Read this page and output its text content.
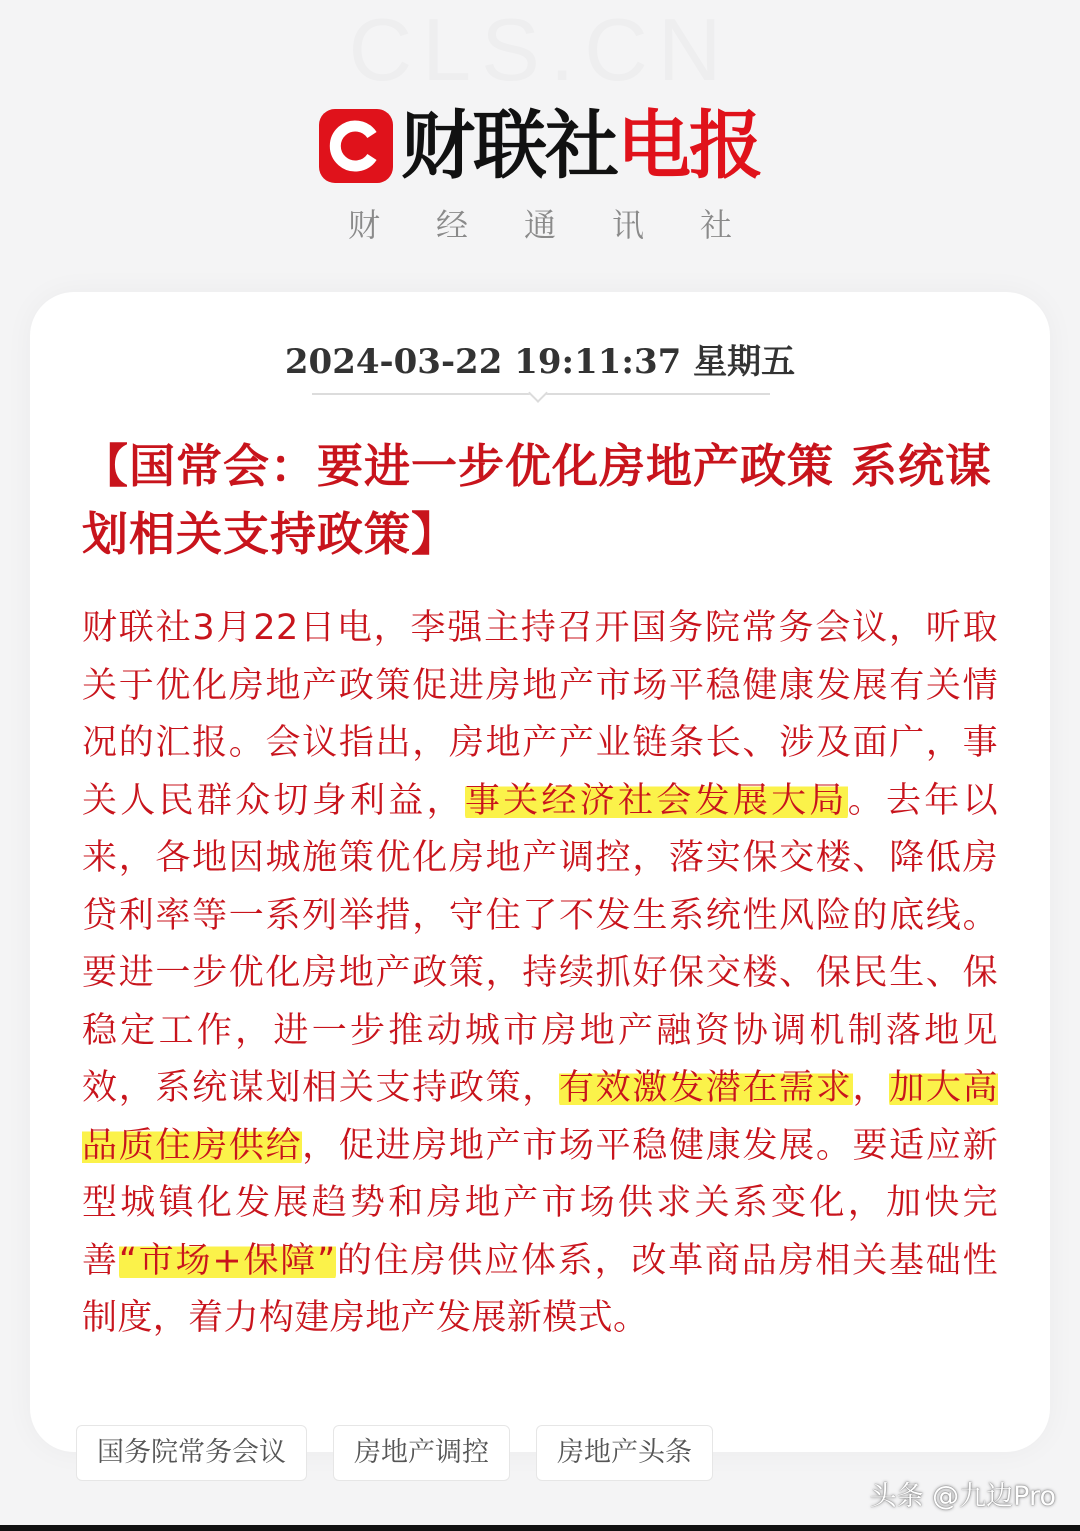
CLS.CN
财联社电报
财经通讯社
2024-03-22 19:11:37 星期五
【国常会：要进一步优化房地产政策 系统谋划相关支持政策】
财联社3月22日电，李强主持召开国务院常务会议，听取关于优化房地产政策促进房地产市场平稳健康发展有关情况的汇报。会议指出，房地产产业链条长、涉及面广，事关人民群众切身利益，事关经济社会发展大局。去年以来，各地因城施策优化房地产调控，落实保交楼、降低房贷利率等一系列举措，守住了不发生系统性风险的底线。要进一步优化房地产政策，持续抓好保交楼、保民生、保稳定工作，进一步推动城市房地产融资协调机制落地见效，系统谋划相关支持政策，有效激发潜在需求，加大高品质住房供给，促进房地产市场平稳健康发展。要适应新型城镇化发展趋势和房地产市场供求关系变化，加快完善“市场+保障”的住房供应体系，改革商品房相关基础性制度，着力构建房地产发展新模式。
国务院常务会议	房地产调控	房地产头条
头条 @九边Pro
